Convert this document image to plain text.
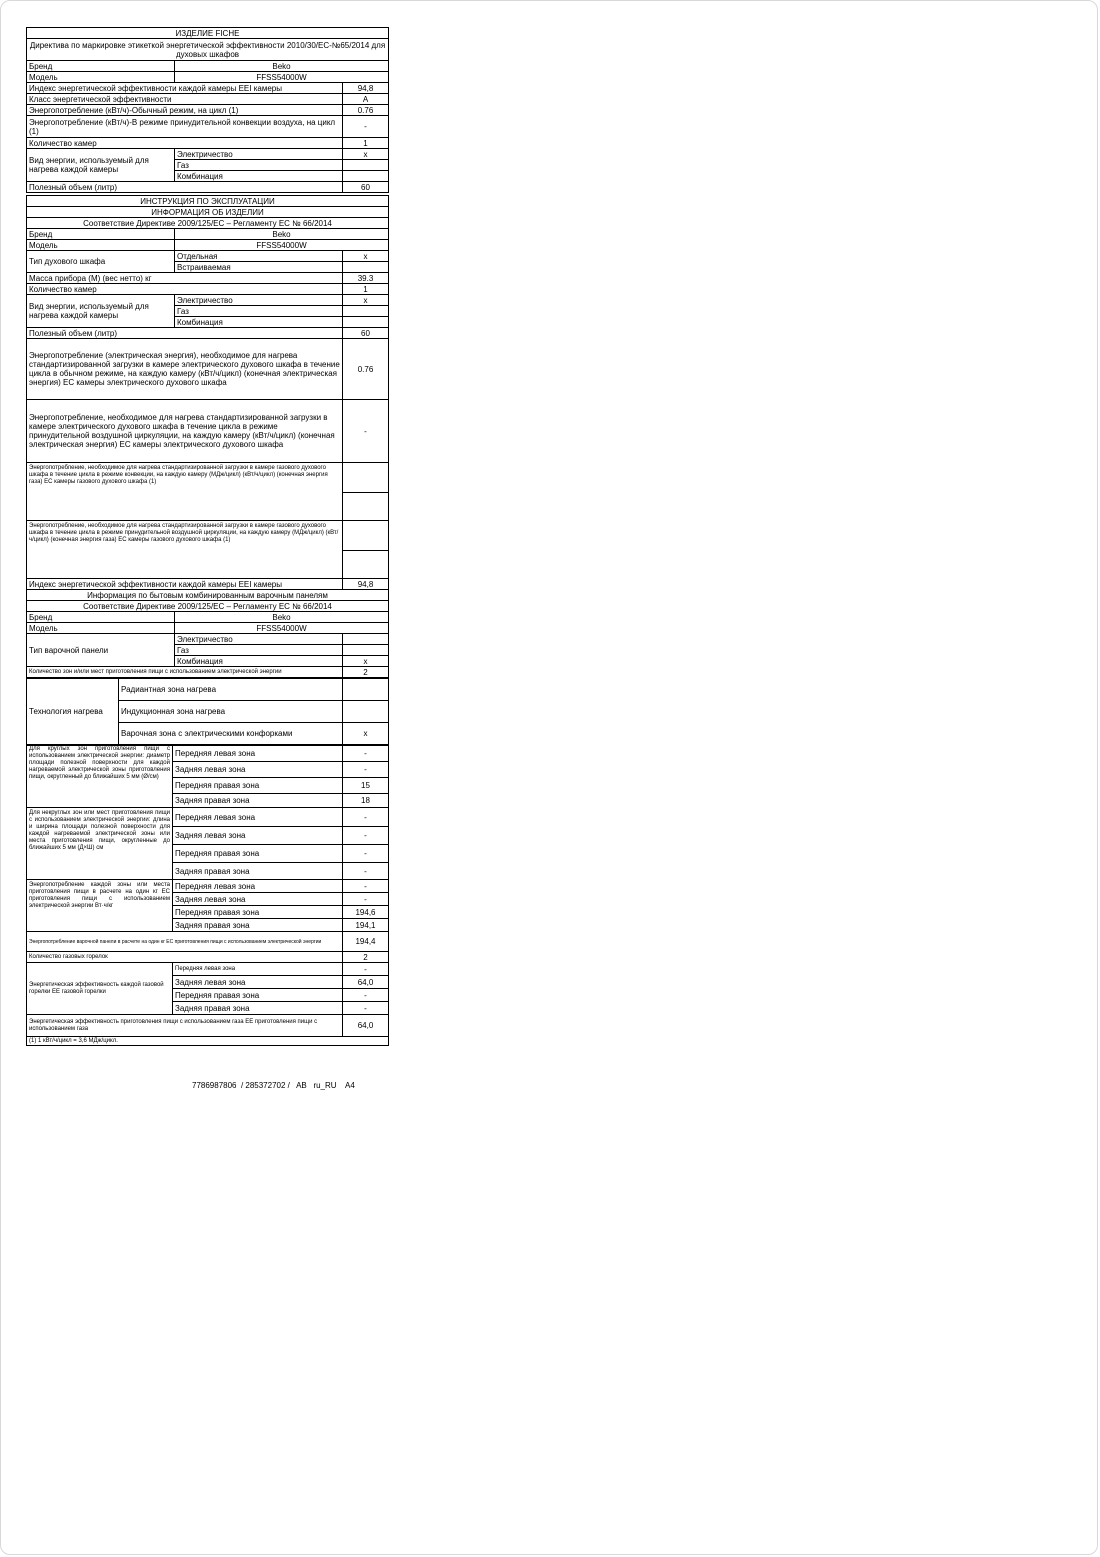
ИЗДЕЛИЕ FICHE		
Директива по маркировке этикеткой энергетической эффективности 2010/30/ЕС-№65/2014 для духовых шкафов		
Бренд	Beko	
Модель	FFSS54000W	
Индекс энергетической эффективности каждой камеры EEI камеры		94,8
Класс энергетической эффективности		A
Энергопотребление (кВт/ч)-Обычный режим, на цикл (1)		0.76
Энергопотребление (кВт/ч)-В режиме принудительной конвекции воздуха, на цикл (1)		-
Количество камер		1
Вид энергии, используемый для нагрева каждой камеры	Электричество	x
	Газ	
	Комбинация	
Полезный объем (литр)		60

ИНСТРУКЦИЯ ПО ЭКСПЛУАТАЦИИ		
ИНФОРМАЦИЯ ОБ ИЗДЕЛИИ		
Соответствие Директиве 2009/125/ЕС – Регламенту ЕС № 66/2014		
Бренд	Beko	
Модель	FFSS54000W	
Тип духового шкафа	Отдельная	x
	Встраиваемая	
Масса прибора (M) (вес нетто) кг		39.3
Количество камер		1
Вид энергии, используемый для нагрева каждой камеры	Электричество	x
	Газ	
	Комбинация	
Полезный объем (литр)		60
Энергопотребление (электрическая энергия), необходимое для нагрева стандартизированной загрузки в камере электрического духового шкафа в течение цикла в обычном режиме, на каждую камеру (кВт/ч/цикл) (конечная электрическая энергия) EC камеры электрического духового шкафа		0.76
Энергопотребление, необходимое для нагрева стандартизированной загрузки в камере электрического духового шкафа в течение цикла в режиме принудительной воздушной циркуляции, на каждую камеру (кВт/ч/цикл) (конечная электрическая энергия) EC камеры электрического духового шкафа		-
Энергопотребление, необходимое для нагрева стандартизированной загрузки в камере газового духового шкафа в течение цикла в режиме конвекции, на каждую камеру (МДж/цикл) (кВт/ч/цикл) (конечная энергия газа) EC камеры газового духового шкафа (1)		

Энергопотребление, необходимое для нагрева стандартизированной загрузки в камере газового духового шкафа в течение цикла в режиме принудительной воздушной циркуляции, на каждую камеру (МДж/цикл) (кВт/ч/цикл) (конечная энергия газа) EC камеры газового духового шкафа (1)		

Индекс энергетической эффективности каждой камеры EEI камеры		94,8
Информация по бытовым комбинированным варочным панелям		
Соответствие Директиве 2009/125/ЕС – Регламенту ЕС № 66/2014		
Бренд	Beko	
Модель	FFSS54000W	
Тип варочной панели	Электричество	
	Газ	
	Комбинация	x
Количество зон и/или мест приготовления пищи с использованием электрической энергии		2
Технология нагрева	Радиантная зона нагрева	
	Индукционная зона нагрева	
	Варочная зона с электрическими конфорками	x
Для круглых зон приготовления пищи с использованием электрической энергии: диаметр площади полезной поверхности для каждой нагреваемой электрической зоны приготовления пищи, округленный до ближайших 5 мм (Ø/см)	Передняя левая зона	-
	Задняя левая зона	-
	Передняя правая зона	15
	Задняя правая зона	18
Для некруглых зон или мест приготовления пищи с использованием электрической энергии: длина и ширина площади полезной поверхности для каждой нагреваемой электрической зоны или места приготовления пищи, округленные до ближайших 5 мм (Д×Ш) см	Передняя левая зона	-
	Задняя левая зона	-
	Передняя правая зона	-
	Задняя правая зона	-
Энергопотребление каждой зоны или места приготовления пищи в расчете на один кг EC приготовления пищи с использованием электрической энергии Вт·ч/кг	Передняя левая зона	-
	Задняя левая зона	-
	Передняя правая зона	194,6
	Задняя правая зона	194,1
Энергопотребление варочной панели в расчете на один кг EC приготовления пищи с использованием электрической энергии		194,4
Количество газовых горелок		2
Энергетическая эффективность каждой газовой горелки EE газовой горелки	Передняя левая зона	-
	Задняя левая зона	64,0
	Передняя правая зона	-
	Задняя правая зона	-
Энергетическая эффективность приготовления пищи с использованием газа EE приготовления пищи с использованием газа		64,0
(1) 1 кВт/ч/цикл = 3,6 МДж/цикл.		
7786987806  / 285372702 /   AB   ru_RU    A4
